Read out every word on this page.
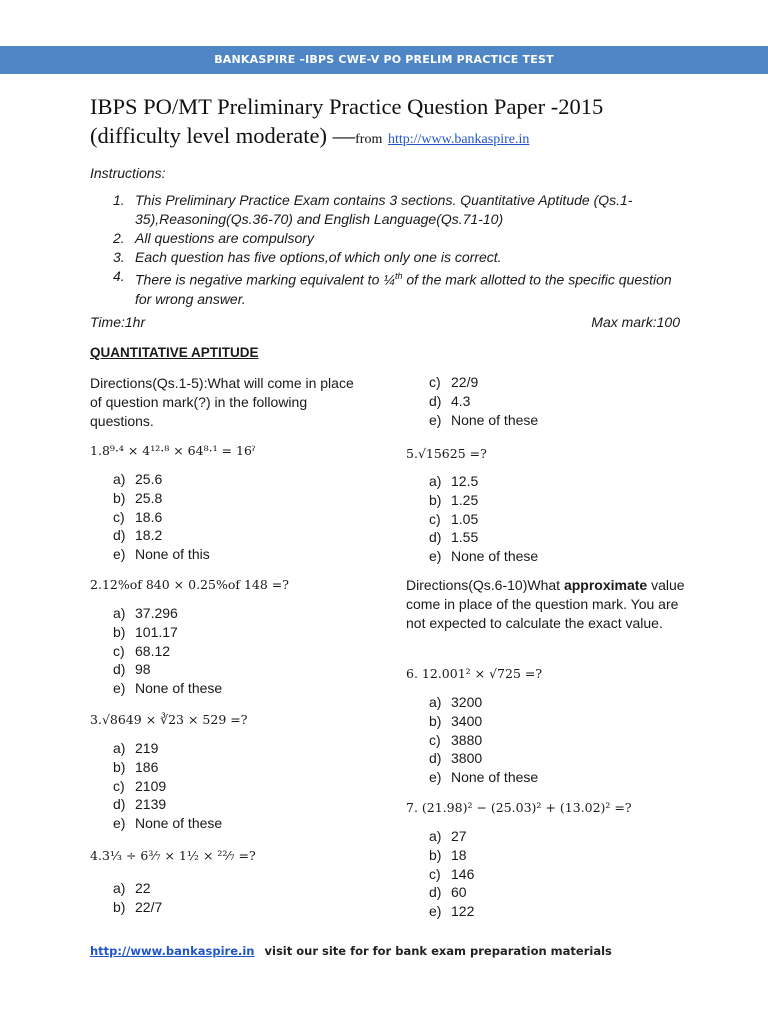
BANKASPIRE –IBPS CWE-V PO PRELIM PRACTICE TEST
IBPS PO/MT Preliminary Practice Question Paper -2015
(difficulty level moderate) —from http://www.bankaspire.in
Instructions:
1. This Preliminary Practice Exam contains 3 sections. Quantitative Aptitude (Qs.1-35),Reasoning(Qs.36-70) and English Language(Qs.71-10)
2. All questions are compulsory
3. Each question has five options,of which only one is correct.
4. There is negative marking equivalent to ¼$^{th}$ of the mark allotted to the specific question for wrong answer.
Time:1hr	Max mark:100
QUANTITATIVE APTITUDE
Directions(Qs.1-5):What will come in place of question mark(?) in the following questions.
1.8⁹·⁴ × 4¹²·⁸ × 64⁸·¹ = 16ˀ
a) 25.6
b) 25.8
c) 18.6
d) 18.2
e) None of this
2.12%of 840 × 0.25%of 148 =?
a) 37.296
b) 101.17
c) 68.12
d) 98
e) None of these
3.√8649 × ∛23 × 529 =?
a) 219
b) 186
c) 2109
d) 2139
e) None of these
4.3⅓ ÷ 6³⁄₇ × 1½ × ²²⁄₇ =?
a) 22
b) 22/7
c) 22/9
d) 4.3
e) None of these
5.√15625 =?
a) 12.5
b) 1.25
c) 1.05
d) 1.55
e) None of these
Directions(Qs.6-10)What approximate value come in place of the question mark. You are not expected to calculate the exact value.
6. 12.001² × √725 =?
a) 3200
b) 3400
c) 3880
d) 3800
e) None of these
7. (21.98)² − (25.03)² + (13.02)² =?
a) 27
b) 18
c) 146
d) 60
e) 122
http://www.bankaspire.in visit our site for for bank exam preparation materials
